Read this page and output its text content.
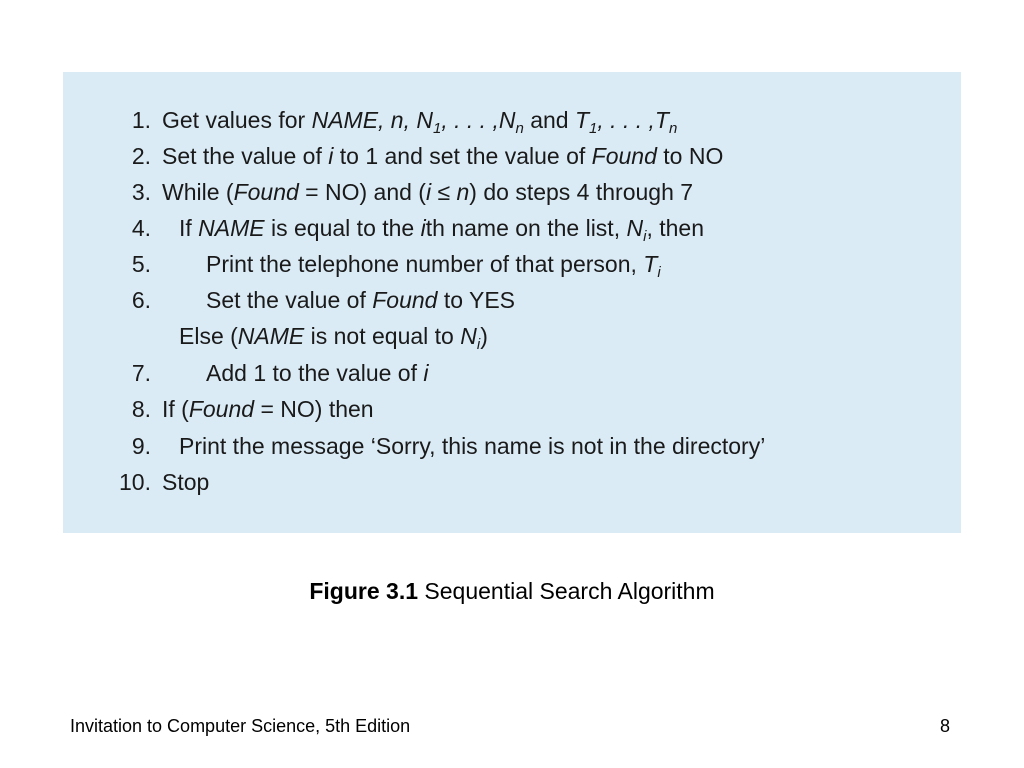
1. Get values for NAME, n, $N_1$, . . . $,N_n$ and $T_1$, . . . $,T_n$
2. Set the value of i to 1 and set the value of Found to NO
3. While (Found = NO) and (i ≤ n) do steps 4 through 7
4. If NAME is equal to the ith name on the list, $N_i$, then
5. Print the telephone number of that person, $T_i$
6. Set the value of Found to YES
Else (NAME is not equal to $N_i$)
7. Add 1 to the value of i
8. If (Found = NO) then
9. Print the message ‘Sorry, this name is not in the directory’
10. Stop
Figure 3.1 Sequential Search Algorithm
Invitation to Computer Science, 5th Edition	8
